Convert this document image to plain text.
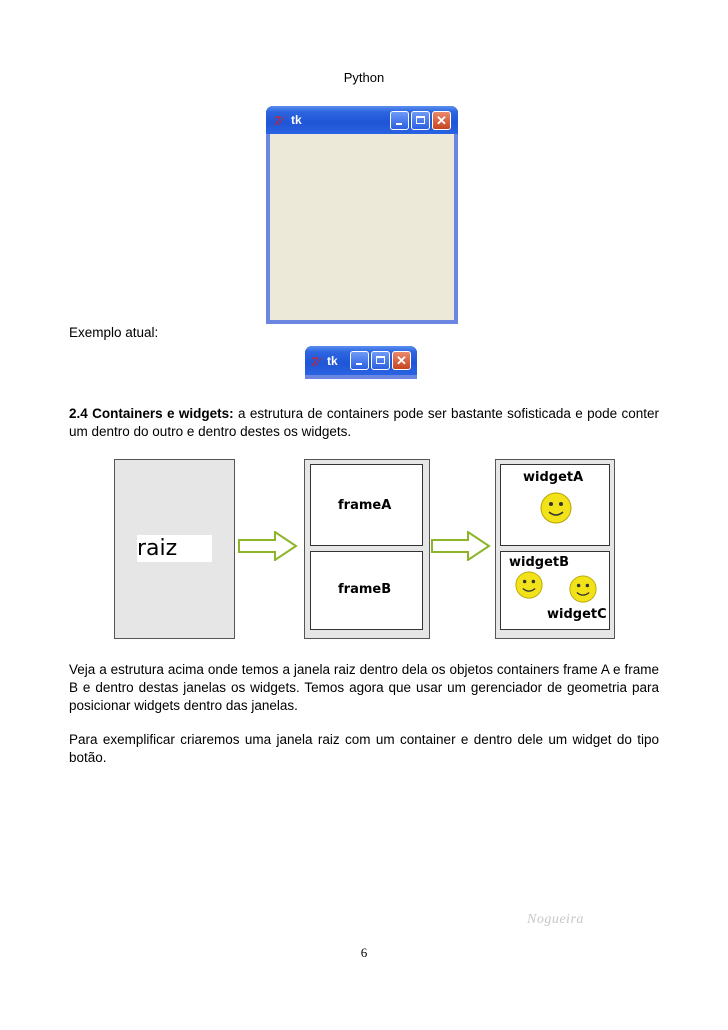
Python
7⁄ tk	✕
Exemplo atual:
7⁄ tk	✕
2.4 Containers e widgets: a estrutura de containers pode ser bastante sofisticada e pode conter um dentro do outro e dentro destes os widgets.
raiz
frameA
frameB
widgetA
widgetB
widgetC
Veja a estrutura acima onde temos a janela raiz dentro dela os objetos containers frame A e frame B e dentro destas janelas os widgets. Temos agora que usar um gerenciador de geometria para posicionar widgets dentro das janelas.
Para exemplificar criaremos uma janela raiz com um container e dentro dele um widget do tipo botão.
Nogueira
6
